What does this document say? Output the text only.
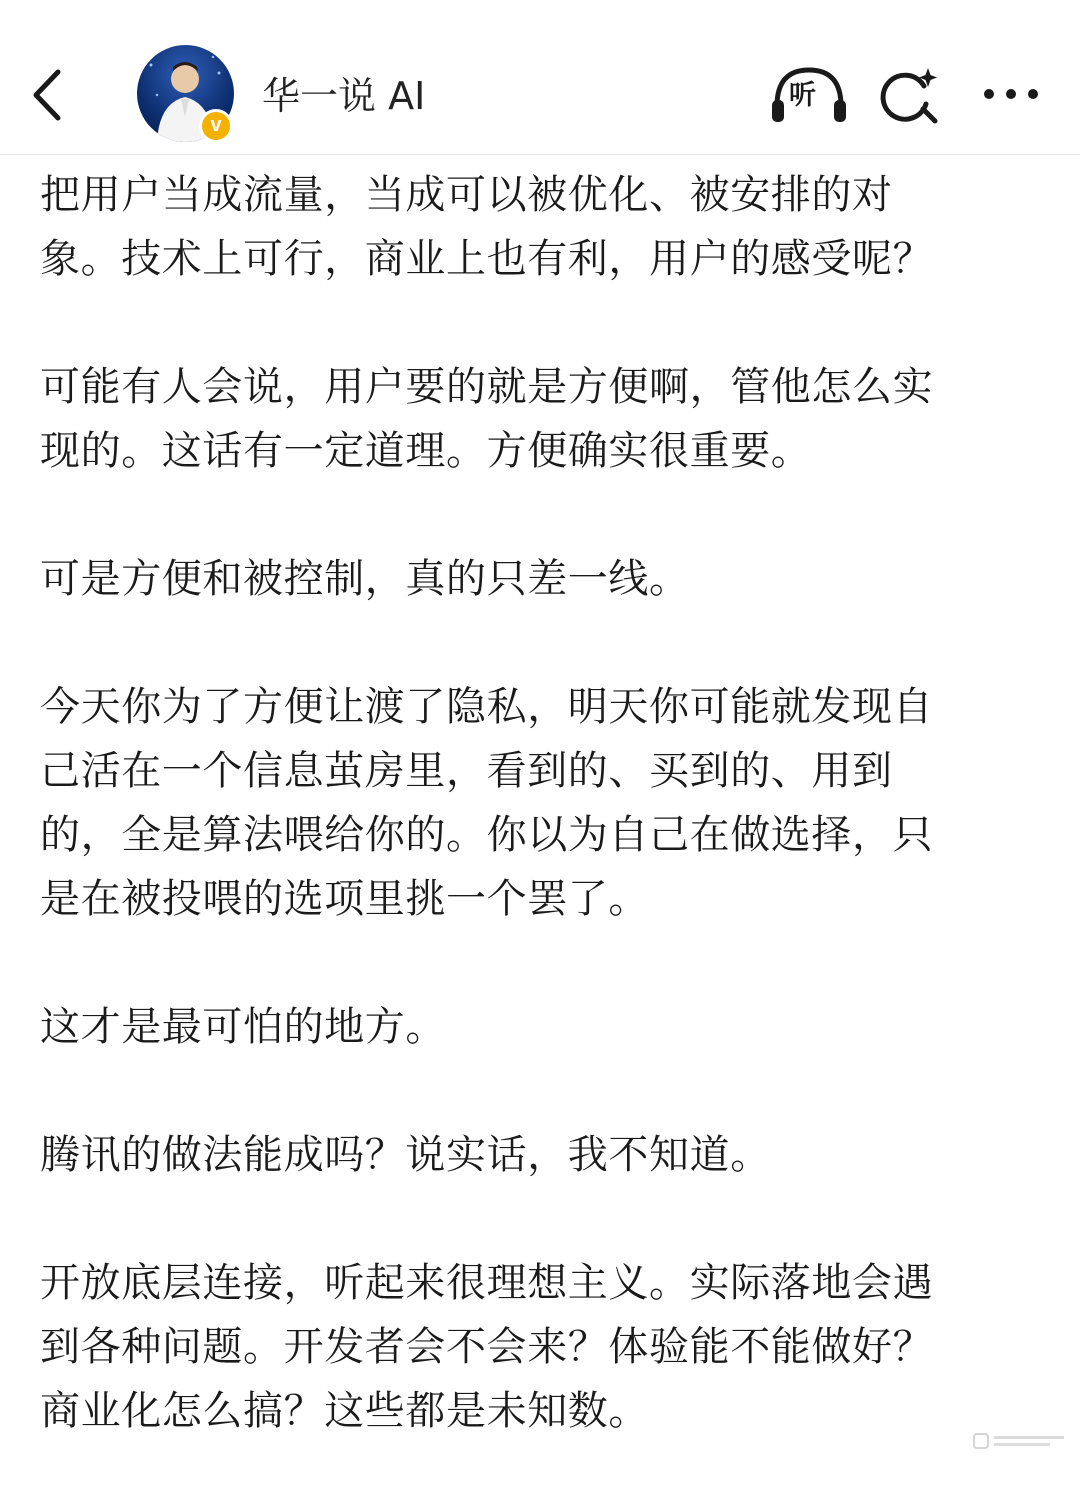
v
华一说 AI	听

把用户当成流量，当成可以被优化、被安排的对
象。技术上可行，商业上也有利，用户的感受呢？

可能有人会说，用户要的就是方便啊，管他怎么实
现的。这话有一定道理。方便确实很重要。

可是方便和被控制，真的只差一线。

今天你为了方便让渡了隐私，明天你可能就发现自
己活在一个信息茧房里，看到的、买到的、用到
的，全是算法喂给你的。你以为自己在做选择，只
是在被投喂的选项里挑一个罢了。

这才是最可怕的地方。

腾讯的做法能成吗？说实话，我不知道。

开放底层连接，听起来很理想主义。实际落地会遇
到各种问题。开发者会不会来？体验能不能做好？
商业化怎么搞？这些都是未知数。
